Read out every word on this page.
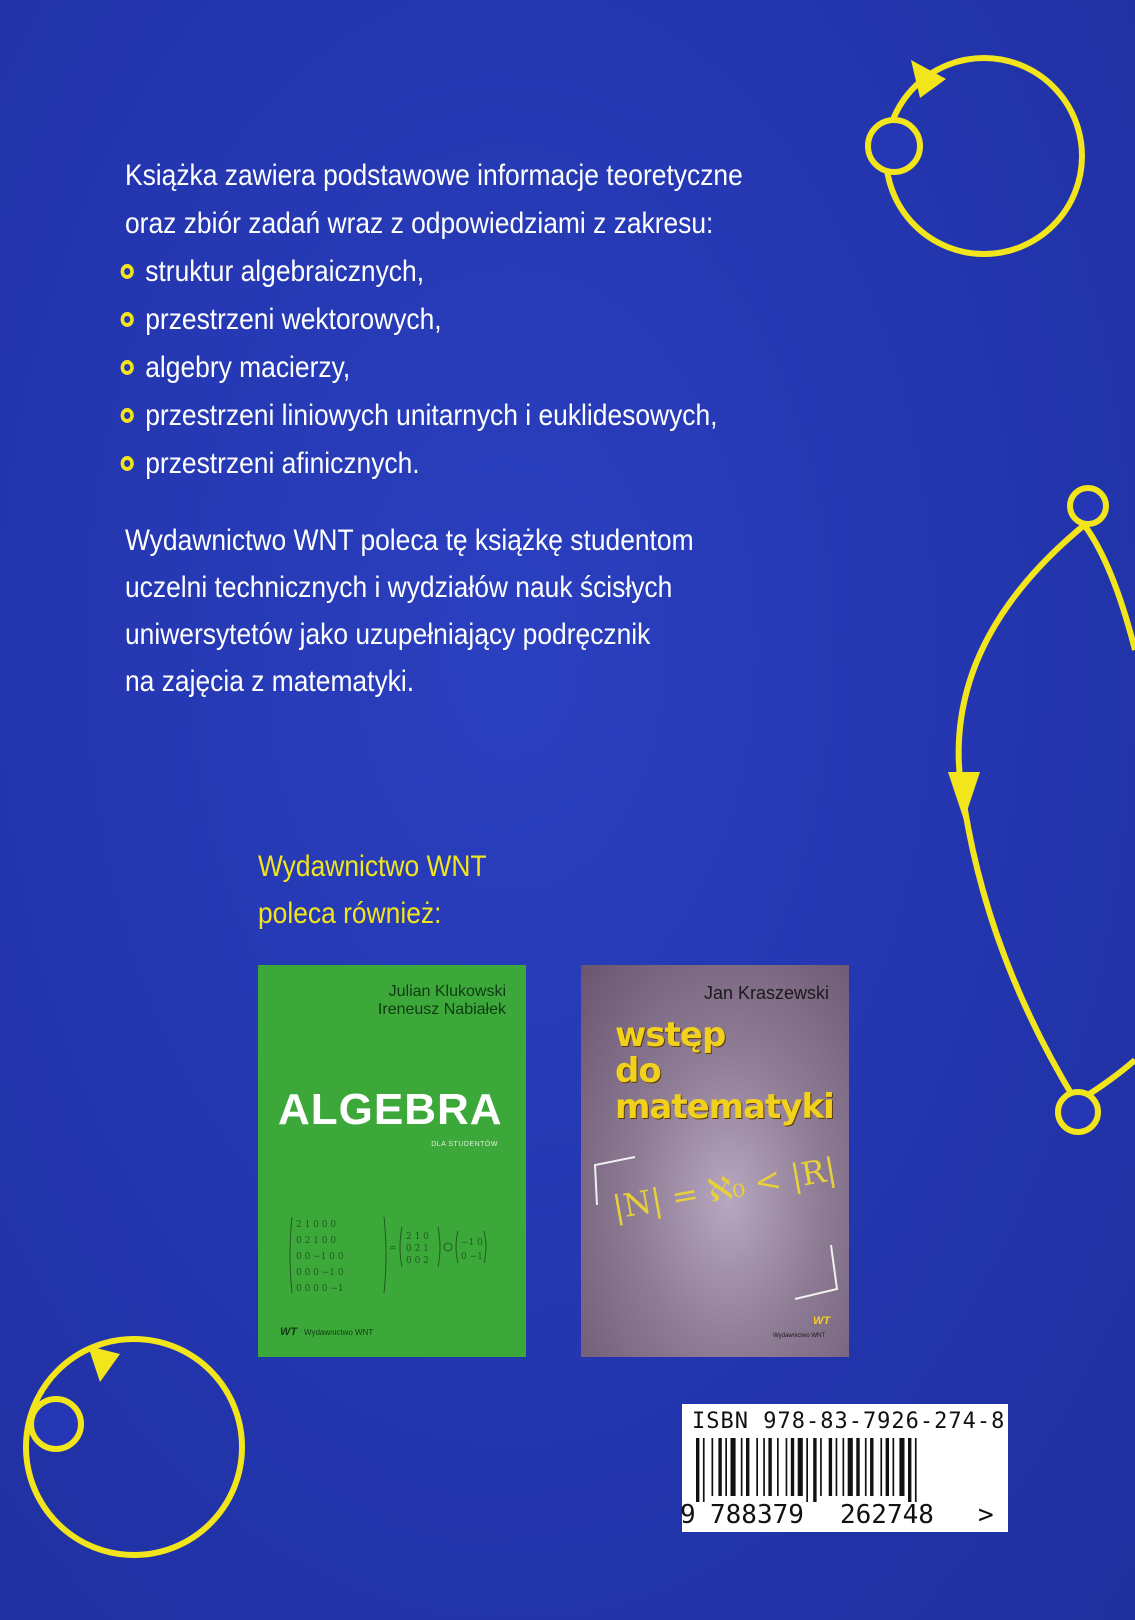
Książka zawiera podstawowe informacje teoretyczne

oraz zbiór zadań wraz z odpowiedziami z zakresu:

struktur algebraicznych,
przestrzeni wektorowych,
algebry macierzy,
przestrzeni liniowych unitarnych i euklidesowych,
przestrzeni afinicznych.
Wydawnictwo WNT poleca tę książkę studentom
uczelni technicznych i wydziałów nauk ścisłych
uniwersytetów jako uzupełniający podręcznik
na zajęcia z matematyki.
Wydawnictwo WNT
poleca również:
Julian Klukowski
Ireneusz Nabiałek
ALGEBRA
DLA STUDENTÓW
2 1 0 0 0
0 2 1 0 0
0 0 −1 0 0
0 0 0 −1 0
0 0 0 0 −1
=
2 1 0
0 2 1
0 0 2
−1 0
0 −1
WT Wydawnictwo WNT
Jan Kraszewski
wstęp
do
matematyki
|N| = ℵ₀ < |R|
WT
Wydawnictwo WNT
ISBN 978-83-7926-274-8
9 788379 262748 >
